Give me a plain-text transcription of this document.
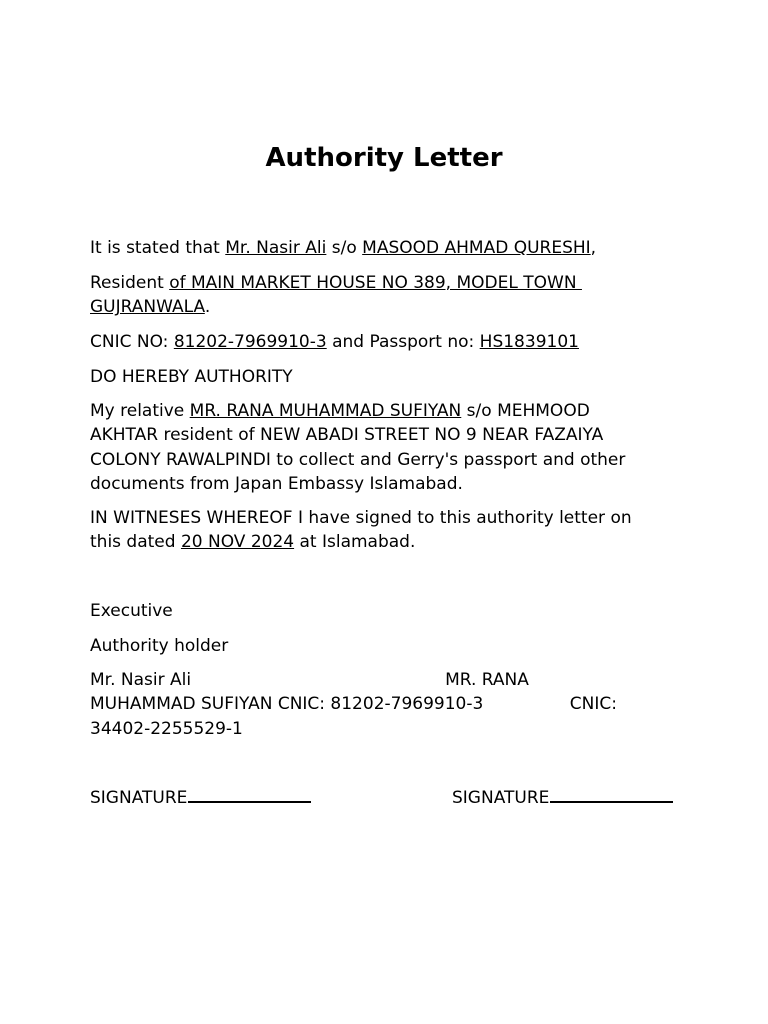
Authority Letter
It is stated that Mr. Nasir Ali s/o MASOOD AHMAD QURESHI,
Resident of MAIN MARKET HOUSE NO 389, MODEL TOWN
GUJRANWALA.
CNIC NO: 81202-7969910-3 and Passport no: HS1839101
DO HEREBY AUTHORITY
My relative MR. RANA MUHAMMAD SUFIYAN s/o MEHMOOD
AKHTAR resident of NEW ABADI STREET NO 9 NEAR FAZAIYA
COLONY RAWALPINDI to collect and Gerry's passport and other
documents from Japan Embassy Islamabad.
IN WITNESES WHEREOF I have signed to this authority letter on
this dated 20 NOV 2024 at Islamabad.
Executive
Authority holder
Mr. Nasir Ali                                               MR. RANA
MUHAMMAD SUFIYAN CNIC: 81202-7969910-3                CNIC:
34402-2255529-1
SIGNATURE	SIGNATURE
